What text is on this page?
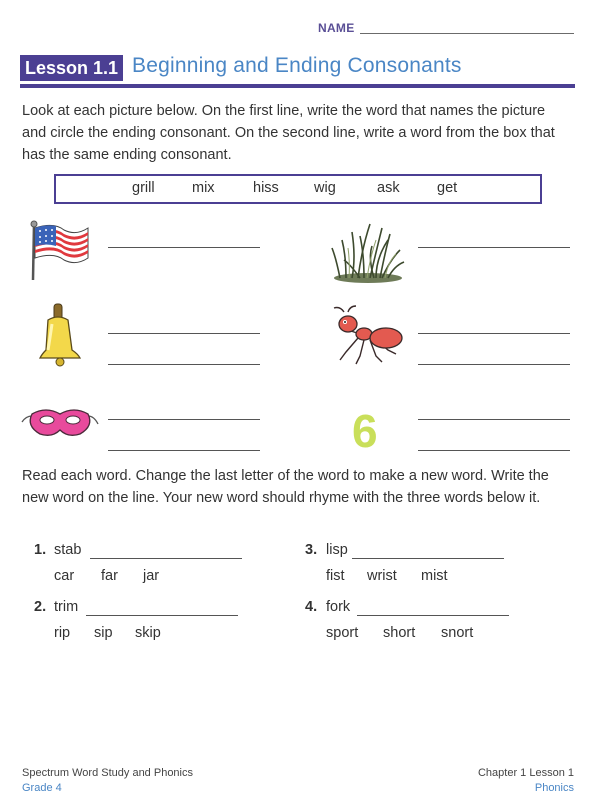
NAME
Lesson 1.1 Beginning and Ending Consonants
Look at each picture below. On the first line, write the word that names the picture and circle the ending consonant. On the second line, write a word from the box that has the same ending consonant.
grill	mix	hiss wig	ask	get
6
Read each word. Change the last letter of the word to make a new word. Write the new word on the line. Your new word should rhyme with the three words below it.
1. stab
car far jar
2. trim
rip sip skip
3. lisp
fist wrist mist
4. fork
sport short snort
Spectrum Word Study and Phonics
Grade 4
Chapter 1 Lesson 1
Phonics
